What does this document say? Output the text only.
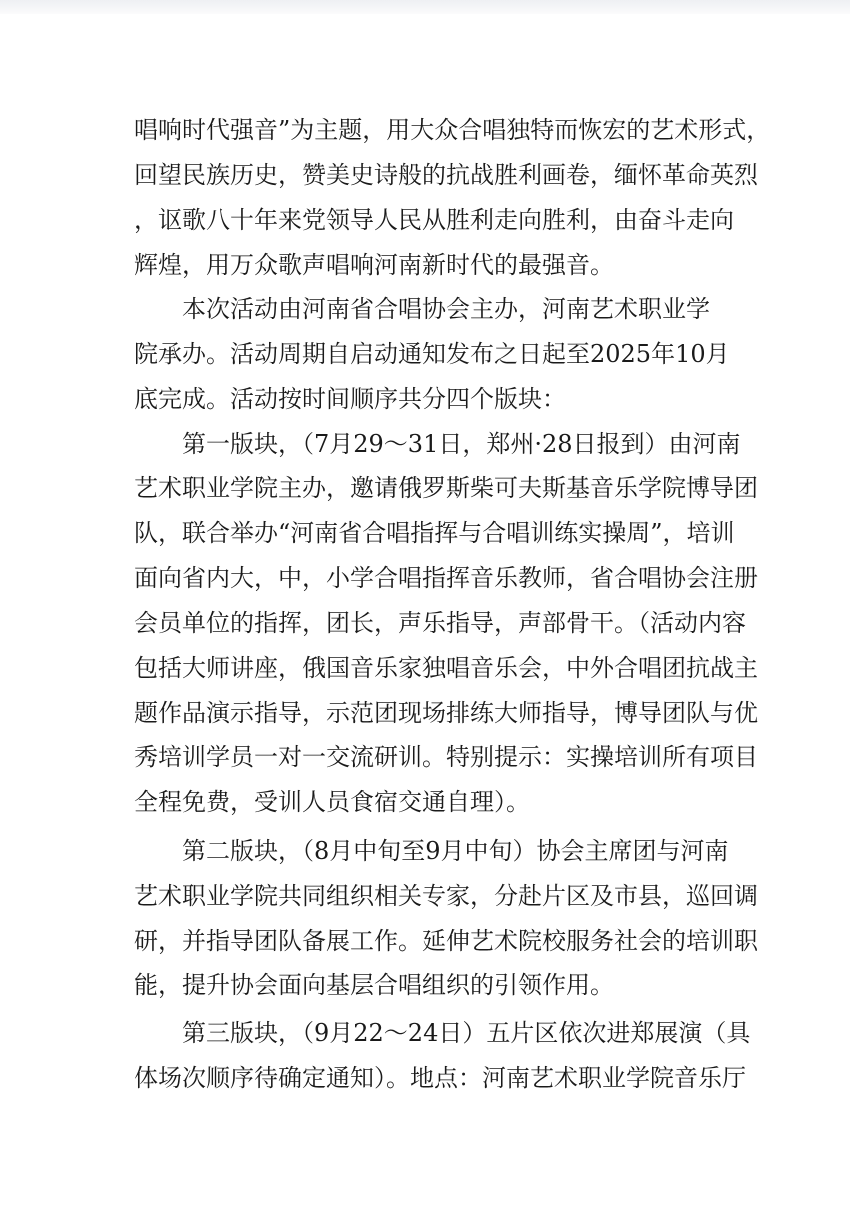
唱响时代强音”为主题，用大众合唱独特而恢宏的艺术形式，
回望民族历史，赞美史诗般的抗战胜利画卷，缅怀革命英烈
，讴歌八十年来党领导人民从胜利走向胜利，由奋斗走向
辉煌，用万众歌声唱响河南新时代的最强音。
本次活动由河南省合唱协会主办，河南艺术职业学
院承办。活动周期自启动通知发布之日起至2025年10月
底完成。活动按时间顺序共分四个版块：
第一版块，（7月29～31日，郑州·28日报到）由河南
艺术职业学院主办，邀请俄罗斯柴可夫斯基音乐学院博导团
队，联合举办“河南省合唱指挥与合唱训练实操周”，培训
面向省内大，中，小学合唱指挥音乐教师，省合唱协会注册
会员单位的指挥，团长，声乐指导，声部骨干。（活动内容
包括大师讲座，俄国音乐家独唱音乐会，中外合唱团抗战主
题作品演示指导，示范团现场排练大师指导，博导团队与优
秀培训学员一对一交流研训。特别提示：实操培训所有项目
全程免费，受训人员食宿交通自理）。
第二版块，（8月中旬至9月中旬）协会主席团与河南
艺术职业学院共同组织相关专家，分赴片区及市县，巡回调
研，并指导团队备展工作。延伸艺术院校服务社会的培训职
能，提升协会面向基层合唱组织的引领作用。
第三版块，（9月22～24日）五片区依次进郑展演（具
体场次顺序待确定通知）。地点：河南艺术职业学院音乐厅
